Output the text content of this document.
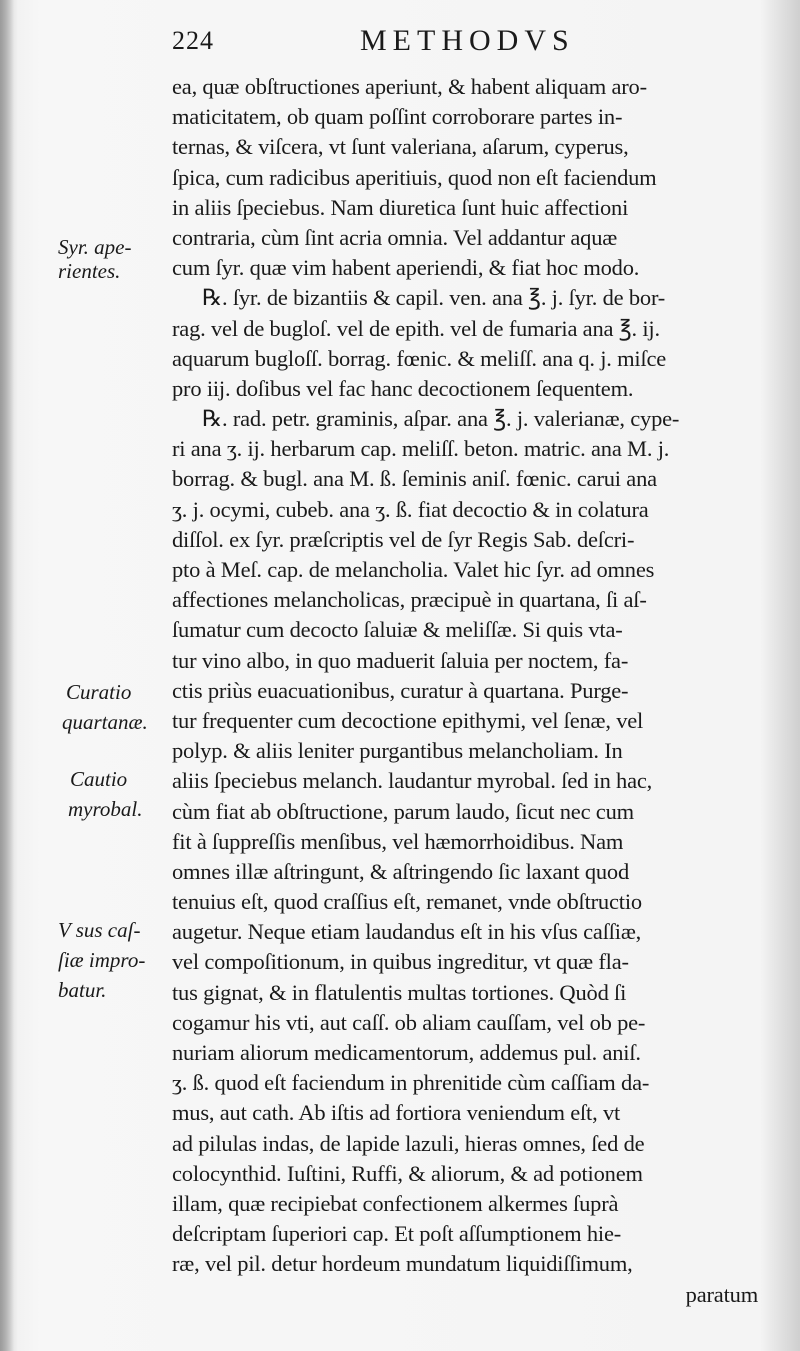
224	METHODVS
Syr. ape-
rientes.
Curatio
quartanæ.
Cautio
myrobal.
V sus caſ-
ſiæ impro-
batur.
ea, quæ obſtructiones aperiunt, & habent aliquam aro-
maticitatem, ob quam poſſint corroborare partes in-
ternas, & viſcera, vt ſunt valeriana, aſarum, cyperus,
ſpica, cum radicibus aperitiuis, quod non eſt faciendum
in aliis ſpeciebus. Nam diuretica ſunt huic affectioni
contraria, cùm ſint acria omnia. Vel addantur aquæ
cum ſyr. quæ vim habent aperiendi, & fiat hoc modo.
℞. ſyr. de bizantiis & capil. ven. ana ℥. j. ſyr. de bor-
rag. vel de bugloſ. vel de epith. vel de fumaria ana ℥. ij.
aquarum bugloſſ. borrag. fœnic. & meliſſ. ana q. j. miſce
pro iij. doſibus vel fac hanc decoctionem ſequentem.
℞. rad. petr. graminis, aſpar. ana ℥. j. valerianæ, cype-
ri ana ʒ. ij. herbarum cap. meliſſ. beton. matric. ana M. j.
borrag. & bugl. ana M. ß. ſeminis aniſ. fœnic. carui ana
ʒ. j. ocymi, cubeb. ana ʒ. ß. fiat decoctio & in colatura
diſſol. ex ſyr. præſcriptis vel de ſyr Regis Sab. deſcri-
pto à Meſ. cap. de melancholia. Valet hic ſyr. ad omnes
affectiones melancholicas, præcipuè in quartana, ſi aſ-
ſumatur cum decocto ſaluiæ & meliſſæ. Si quis vta-
tur vino albo, in quo maduerit ſaluia per noctem, fa-
ctis priùs euacuationibus, curatur à quartana. Purge-
tur frequenter cum decoctione epithymi, vel ſenæ, vel
polyp. & aliis leniter purgantibus melancholiam. In
aliis ſpeciebus melanch. laudantur myrobal. ſed in hac,
cùm fiat ab obſtructione, parum laudo, ſicut nec cum
fit à ſuppreſſis menſibus, vel hæmorrhoidibus. Nam
omnes illæ aſtringunt, & aſtringendo ſic laxant quod
tenuius eſt, quod craſſius eſt, remanet, vnde obſtructio
augetur. Neque etiam laudandus eſt in his vſus caſſiæ,
vel compoſitionum, in quibus ingreditur, vt quæ fla-
tus gignat, & in flatulentis multas tortiones. Quòd ſi
cogamur his vti, aut caſſ. ob aliam cauſſam, vel ob pe-
nuriam aliorum medicamentorum, addemus pul. aniſ.
ʒ. ß. quod eſt faciendum in phrenitide cùm caſſiam da-
mus, aut cath. Ab iſtis ad fortiora veniendum eſt, vt
ad pilulas indas, de lapide lazuli, hieras omnes, ſed de
colocynthid. Iuſtini, Ruffi, & aliorum, & ad potionem
illam, quæ recipiebat confectionem alkermes ſuprà
deſcriptam ſuperiori cap. Et poſt aſſumptionem hie-
ræ, vel pil. detur hordeum mundatum liquidiſſimum,
paratum
